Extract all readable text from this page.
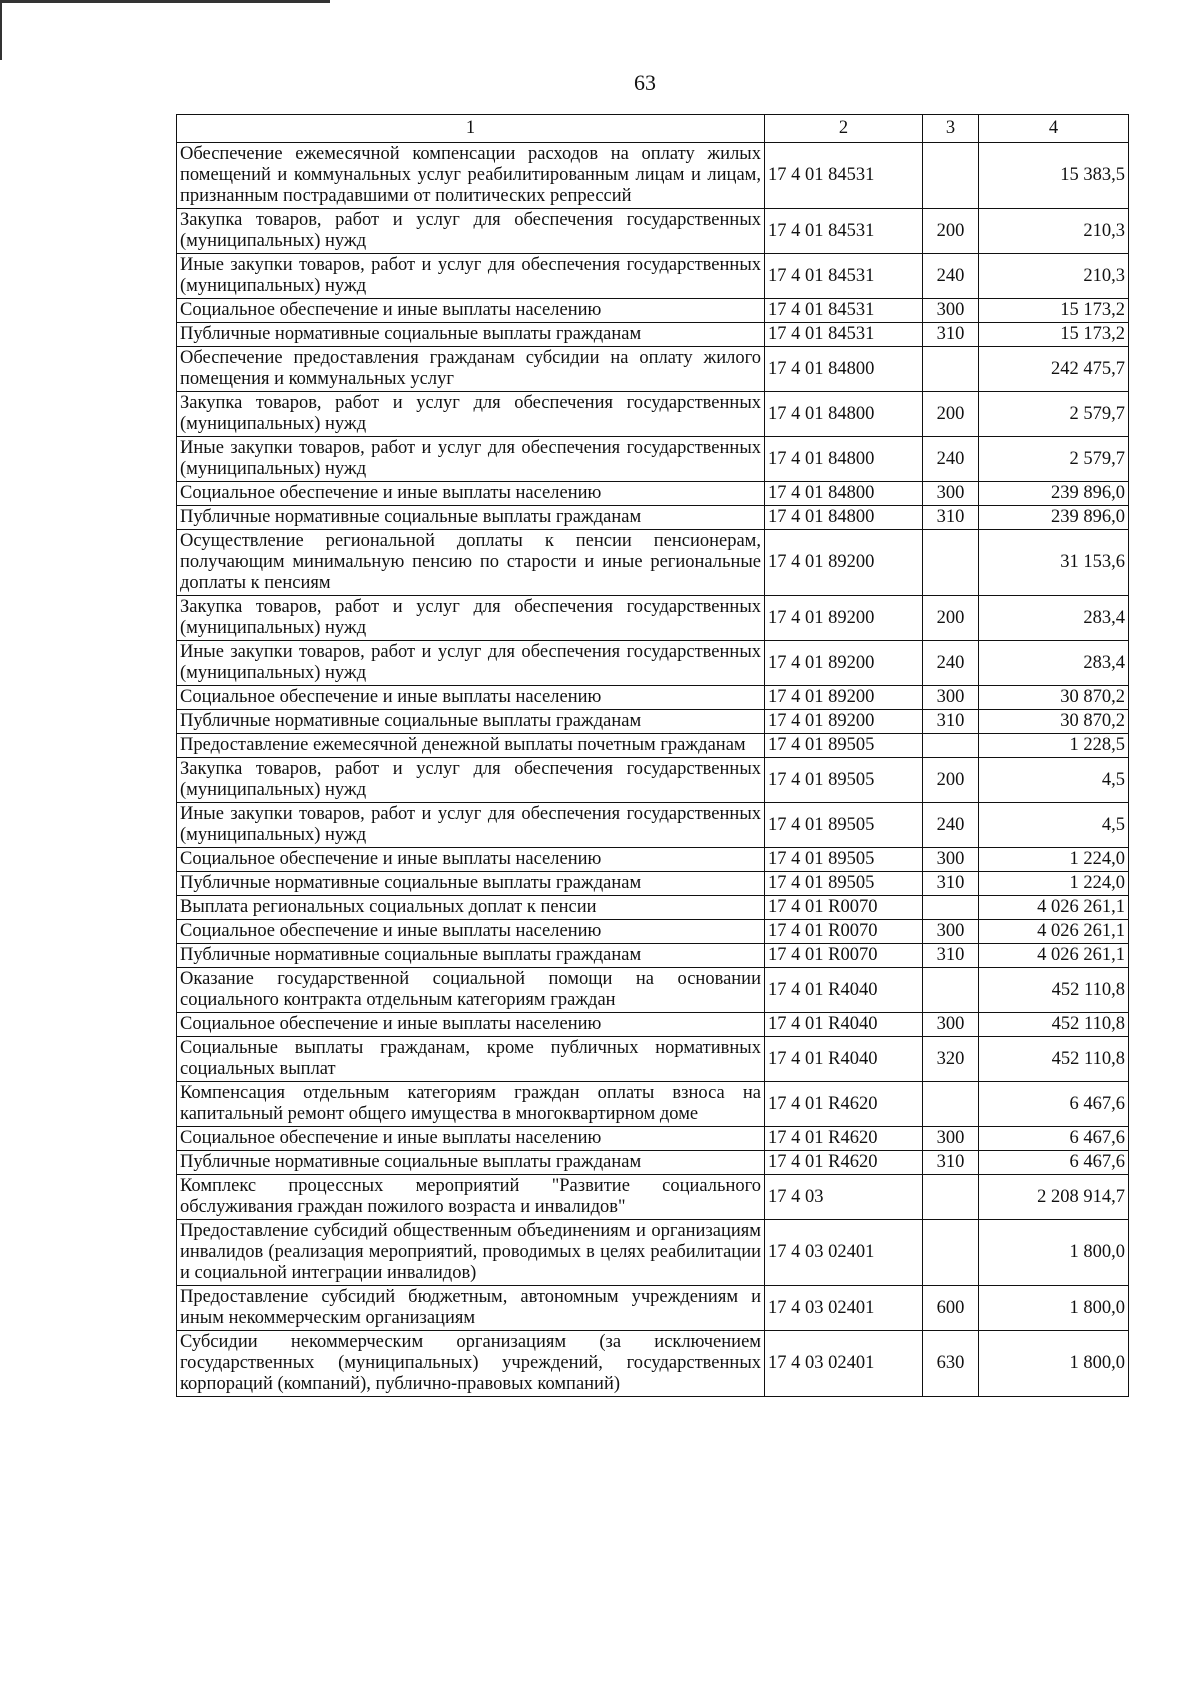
63
1	2	3	4
Обеспечение ежемесячной компенсации расходов на оплату жилых помещений и коммунальных услуг реабилитированным лицам и лицам, признанным пострадавшими от политических репрессий	17 4 01 84531		15 383,5
Закупка товаров, работ и услуг для обеспечения государственных (муниципальных) нужд	17 4 01 84531	200	210,3
Иные закупки товаров, работ и услуг для обеспечения государственных (муниципальных) нужд	17 4 01 84531	240	210,3
Социальное обеспечение и иные выплаты населению	17 4 01 84531	300	15 173,2
Публичные нормативные социальные выплаты гражданам	17 4 01 84531	310	15 173,2
Обеспечение предоставления гражданам субсидии на оплату жилого помещения и коммунальных услуг	17 4 01 84800		242 475,7
Закупка товаров, работ и услуг для обеспечения государственных (муниципальных) нужд	17 4 01 84800	200	2 579,7
Иные закупки товаров, работ и услуг для обеспечения государственных (муниципальных) нужд	17 4 01 84800	240	2 579,7
Социальное обеспечение и иные выплаты населению	17 4 01 84800	300	239 896,0
Публичные нормативные социальные выплаты гражданам	17 4 01 84800	310	239 896,0
Осуществление региональной доплаты к пенсии пенсионерам, получающим минимальную пенсию по старости и иные региональные доплаты к пенсиям	17 4 01 89200		31 153,6
Закупка товаров, работ и услуг для обеспечения государственных (муниципальных) нужд	17 4 01 89200	200	283,4
Иные закупки товаров, работ и услуг для обеспечения государственных (муниципальных) нужд	17 4 01 89200	240	283,4
Социальное обеспечение и иные выплаты населению	17 4 01 89200	300	30 870,2
Публичные нормативные социальные выплаты гражданам	17 4 01 89200	310	30 870,2
Предоставление ежемесячной денежной выплаты почетным гражданам	17 4 01 89505		1 228,5
Закупка товаров, работ и услуг для обеспечения государственных (муниципальных) нужд	17 4 01 89505	200	4,5
Иные закупки товаров, работ и услуг для обеспечения государственных (муниципальных) нужд	17 4 01 89505	240	4,5
Социальное обеспечение и иные выплаты населению	17 4 01 89505	300	1 224,0
Публичные нормативные социальные выплаты гражданам	17 4 01 89505	310	1 224,0
Выплата региональных социальных доплат к пенсии	17 4 01 R0070		4 026 261,1
Социальное обеспечение и иные выплаты населению	17 4 01 R0070	300	4 026 261,1
Публичные нормативные социальные выплаты гражданам	17 4 01 R0070	310	4 026 261,1
Оказание государственной социальной помощи на основании социального контракта отдельным категориям граждан	17 4 01 R4040		452 110,8
Социальное обеспечение и иные выплаты населению	17 4 01 R4040	300	452 110,8
Социальные выплаты гражданам, кроме публичных нормативных социальных выплат	17 4 01 R4040	320	452 110,8
Компенсация отдельным категориям граждан оплаты взноса на капитальный ремонт общего имущества в многоквартирном доме	17 4 01 R4620		6 467,6
Социальное обеспечение и иные выплаты населению	17 4 01 R4620	300	6 467,6
Публичные нормативные социальные выплаты гражданам	17 4 01 R4620	310	6 467,6
Комплекс процессных мероприятий "Развитие социального обслуживания граждан пожилого возраста и инвалидов"	17 4 03		2 208 914,7
Предоставление субсидий общественным объединениям и организациям инвалидов (реализация мероприятий, проводимых в целях реабилитации и социальной интеграции инвалидов)	17 4 03 02401		1 800,0
Предоставление субсидий бюджетным, автономным учреждениям и иным некоммерческим организациям	17 4 03 02401	600	1 800,0
Субсидии некоммерческим организациям (за исключением государственных (муниципальных) учреждений, государственных корпораций (компаний), публично-правовых компаний)	17 4 03 02401	630	1 800,0
